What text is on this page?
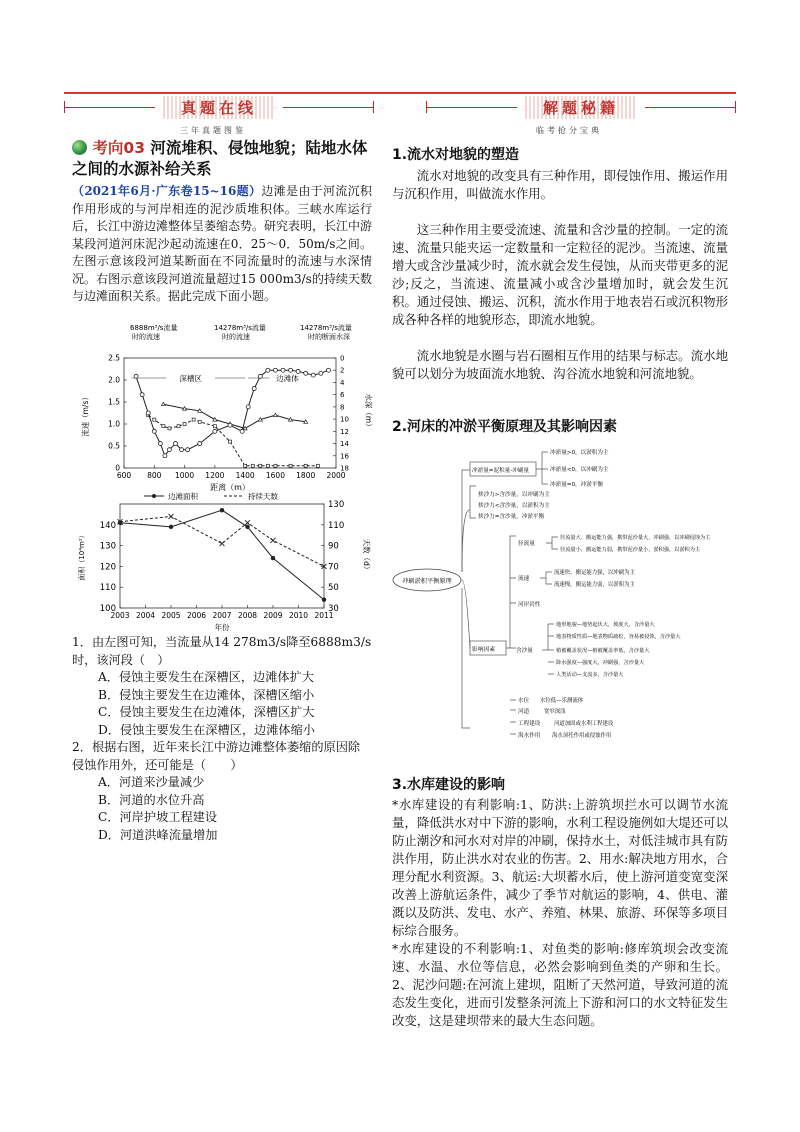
真题在线
三年真题图鉴
解题秘籍
临考抢分宝典
考向03 河流堆积、侵蚀地貌；陆地水体之间的水源补给关系
（2021年6月·广东卷15~16题）边滩是由于河流沉积作用形成的与河岸相连的泥沙质堆积体。三峡水库运行后，长江中游边滩整体呈萎缩态势。研究表明，长江中游某段河道河床泥沙起动流速在0．25～0．50m/s之间。左图示意该段河道某断面在不同流量时的流速与水深情况。右图示意该段河道流量超过15 000m3/s的持续天数与边滩面积关系。据此完成下面小题。
6888m³/s流量
时的流速
14278m³/s流量
时的流速
14278m³/s流量
时的断面水深
600 800 1000 1200 1400 1600 1800 2000
距离（m）
0
0.5
1.0
1.5
2.0
2.5
流速（m/s）
0
2
4
6
8
10
12
14
16
18
水深（m）
深槽区	边滩体
边滩面积	持续天数
2003 2004 2005 2006 2007 2008 2009 2010 2011
年份
100
110
120
130
140
面积（10⁴m²）
30
50
70
90
110
130
天数（d）
1．由左图可知，当流量从14 278m3/s降至6888m3/s时，该河段（　）
A．侵蚀主要发生在深槽区，边滩体扩大
B．侵蚀主要发生在边滩体，深槽区缩小
C．侵蚀主要发生在边滩体，深槽区扩大
D．侵蚀主要发生在深槽区，边滩体缩小
2．根据右图，近年来长江中游边滩整体萎缩的原因除侵蚀作用外，还可能是（　　）
A．河道来沙量减少
B．河道的水位升高
C．河岸护坡工程建设
D．河道洪峰流量增加
1.流水对地貌的塑造
流水对地貌的改变具有三种作用，即侵蚀作用、搬运作用与沉积作用，叫做流水作用。
这三种作用主要受流速、流量和含沙量的控制。一定的流速、流量只能夹运一定数量和一定粒径的泥沙。当流速、流量增大或含沙量减少时，流水就会发生侵蚀，从而夹带更多的泥沙;反之，当流速、流量减小或含沙量增加时，就会发生沉积。通过侵蚀、搬运、沉积，流水作用于地表岩石或沉积物形成各种各样的地貌形态，即流水地貌。
流水地貌是水圈与岩石圈相互作用的结果与标志。流水地貌可以划分为坡面流水地貌、沟谷流水地貌和河流地貌。
2.河床的冲淤平衡原理及其影响因素
冲刷淤积平衡原理
冲淤量=泥积量-冲刷量
冲淤量>0，以淤积为主
冲淤量<0，以冲刷为主
冲淤量=0，冲淤平衡
挟沙力>含沙量，以冲刷为主
挟沙力<含沙量，以淤积为主
挟沙力=含沙量，冲淤平衡
影响因素
径流量
径流量大、搬运能力强，携带泥沙量大，冲刷强，以冲刷侵蚀为主
径流量小、搬运能力弱，携带泥沙量小，淤积强，以淤积为主
流速
流速快，搬运能力强，以冲刷为主
流速慢，搬运能力弱，以淤积为主
河岸岩性
含沙量
地形地貌—地势起伏大，坡度大，含沙量大
地表物质性质—地表物质疏松，容易被侵蚀，含沙量大
植被覆盖状况—植被覆盖率低，含沙量大
降水强度—强度大，冲刷强，含沙量大
人类活动—支流多，含沙量大
水位 水位低—乐测流体
河道	宽窄深浅
工程建设	河道加固或水利工程建设
海水作用 海水顶托作用或侵蚀作用
3.水库建设的影响
*水库建设的有利影响:1、防洪:上游筑坝拦水可以调节水流量，降低洪水对中下游的影响，水利工程设施例如大堤还可以防止潮汐和河水对对岸的冲刷，保持水土，对低洼城市具有防洪作用，防止洪水对农业的伤害。2、用水:解决地方用水，合理分配水利资源。3、航运:大坝蓄水后，使上游河道变宽变深改善上游航运条件，减少了季节对航运的影响，4、供电、灌溉以及防洪、发电、水产、养殖、林果、旅游、环保等多项目标综合服务。
*水库建设的不利影响:1、对鱼类的影响:修库筑坝会改变流速、水温、水位等信息，必然会影响到鱼类的产卵和生长。2、泥沙问题:在河流上建坝，阻断了天然河道，导致河道的流态发生变化，进而引发整条河流上下游和河口的水文特征发生改变，这是建坝带来的最大生态问题。
